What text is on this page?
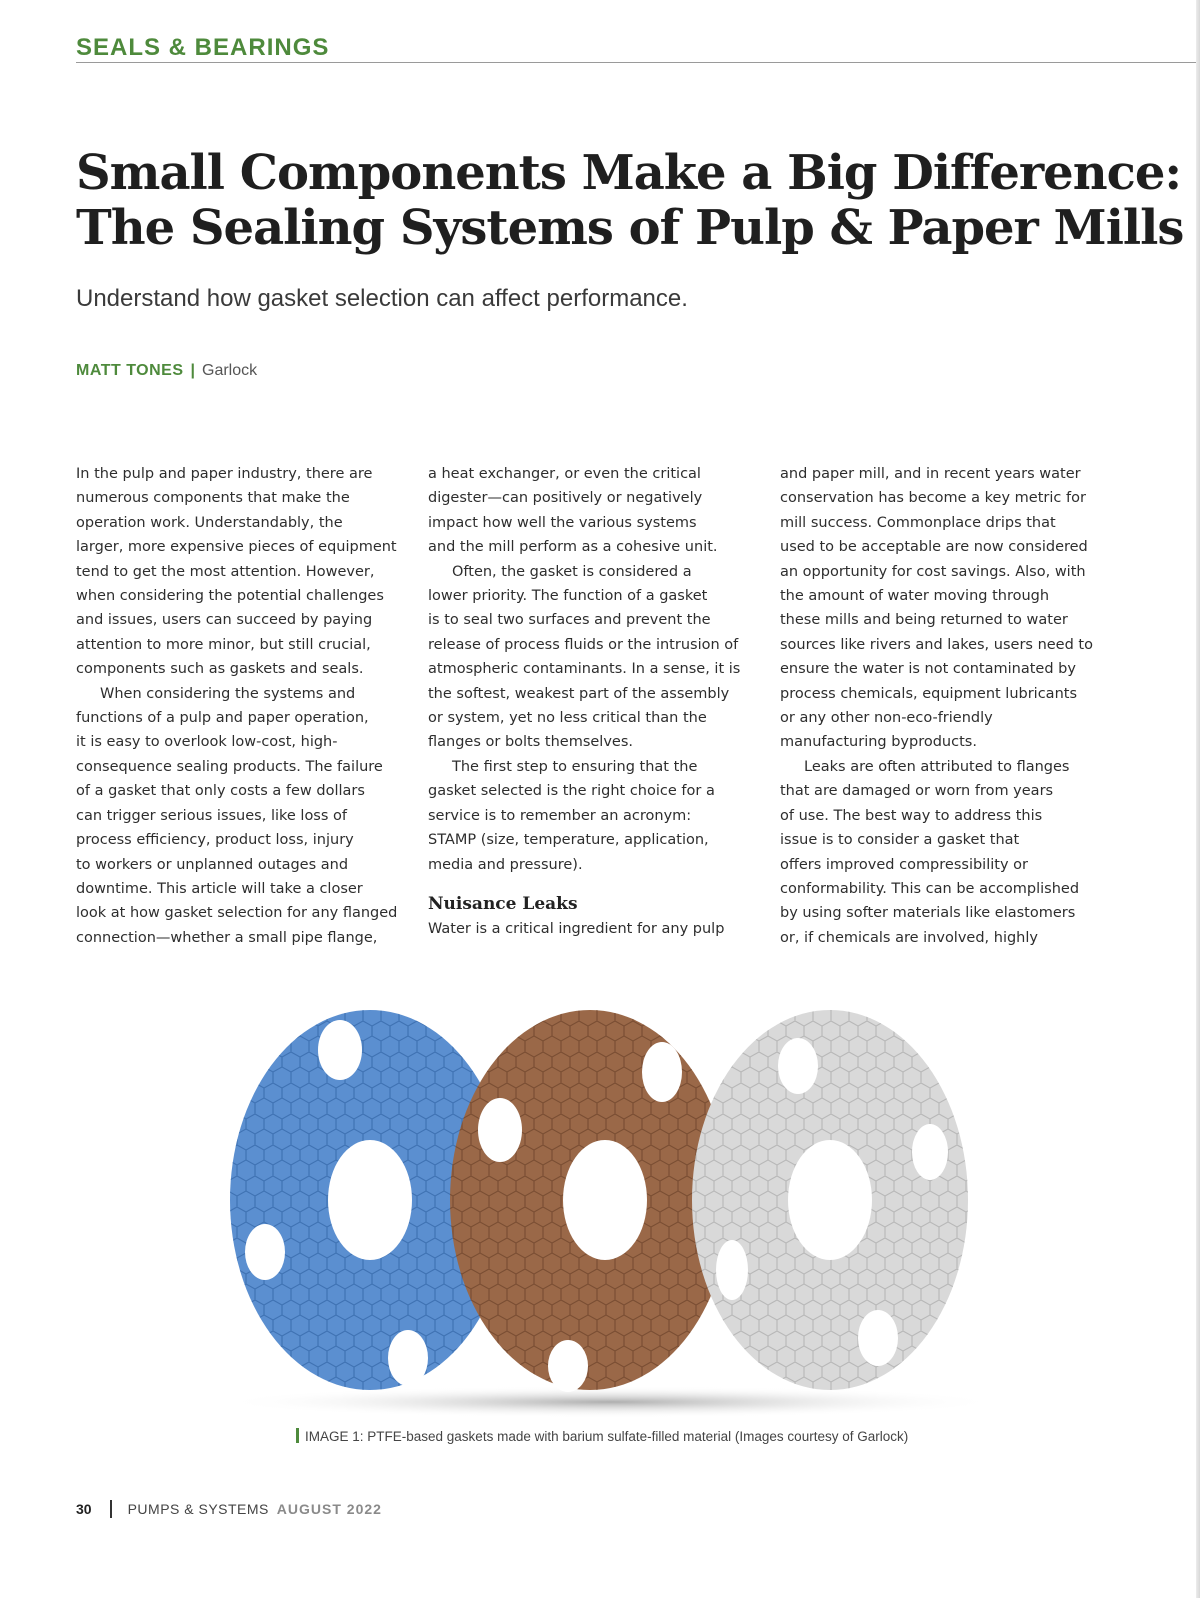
SEALS & BEARINGS
Small Components Make a Big Difference:
The Sealing Systems of Pulp & Paper Mills
Understand how gasket selection can affect performance.
MATT TONES | Garlock
In the pulp and paper industry, there are
numerous components that make the
operation work. Understandably, the
larger, more expensive pieces of equipment
tend to get the most attention. However,
when considering the potential challenges
and issues, users can succeed by paying
attention to more minor, but still crucial,
components such as gaskets and seals.
When considering the systems and
functions of a pulp and paper operation,
it is easy to overlook low-cost, high-
consequence sealing products. The failure
of a gasket that only costs a few dollars
can trigger serious issues, like loss of
process efficiency, product loss, injury
to workers or unplanned outages and
downtime. This article will take a closer
look at how gasket selection for any flanged
connection—whether a small pipe flange,
a heat exchanger, or even the critical
digester—can positively or negatively
impact how well the various systems
and the mill perform as a cohesive unit.
Often, the gasket is considered a
lower priority. The function of a gasket
is to seal two surfaces and prevent the
release of process fluids or the intrusion of
atmospheric contaminants. In a sense, it is
the softest, weakest part of the assembly
or system, yet no less critical than the
flanges or bolts themselves.
The first step to ensuring that the
gasket selected is the right choice for a
service is to remember an acronym:
STAMP (size, temperature, application,
media and pressure).
Nuisance Leaks
Water is a critical ingredient for any pulp
and paper mill, and in recent years water
conservation has become a key metric for
mill success. Commonplace drips that
used to be acceptable are now considered
an opportunity for cost savings. Also, with
the amount of water moving through
these mills and being returned to water
sources like rivers and lakes, users need to
ensure the water is not contaminated by
process chemicals, equipment lubricants
or any other non-eco-friendly
manufacturing byproducts.
Leaks are often attributed to flanges
that are damaged or worn from years
of use. The best way to address this
issue is to consider a gasket that
offers improved compressibility or
conformability. This can be accomplished
by using softer materials like elastomers
or, if chemicals are involved, highly
IMAGE 1: PTFE-based gaskets made with barium sulfate-filled material (Images courtesy of Garlock)
30	PUMPS & SYSTEMS AUGUST 2022
